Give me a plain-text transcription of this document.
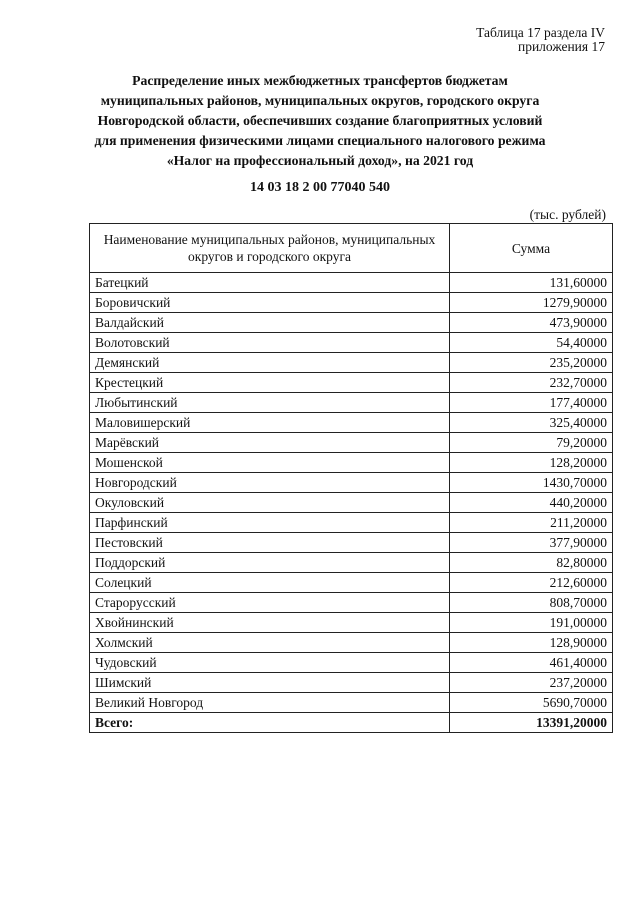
Таблица 17 раздела IV
приложения 17
Распределение иных межбюджетных трансфертов бюджетам
муниципальных районов, муниципальных округов, городского округа
Новгородской области, обеспечивших создание благоприятных условий
для применения физическими лицами специального налогового режима
«Налог на профессиональный доход», на 2021 год
14 03 18 2 00 77040 540
(тыс. рублей)
Наименование муниципальных районов, муниципальных округов и городского округа	Сумма
Батецкий	131,60000
Боровичский	1279,90000
Валдайский	473,90000
Волотовский	54,40000
Демянский	235,20000
Крестецкий	232,70000
Любытинский	177,40000
Маловишерский	325,40000
Марёвский	79,20000
Мошенской	128,20000
Новгородский	1430,70000
Окуловский	440,20000
Парфинский	211,20000
Пестовский	377,90000
Поддорский	82,80000
Солецкий	212,60000
Старорусский	808,70000
Хвойнинский	191,00000
Холмский	128,90000
Чудовский	461,40000
Шимский	237,20000
Великий Новгород	5690,70000
Всего:	13391,20000
